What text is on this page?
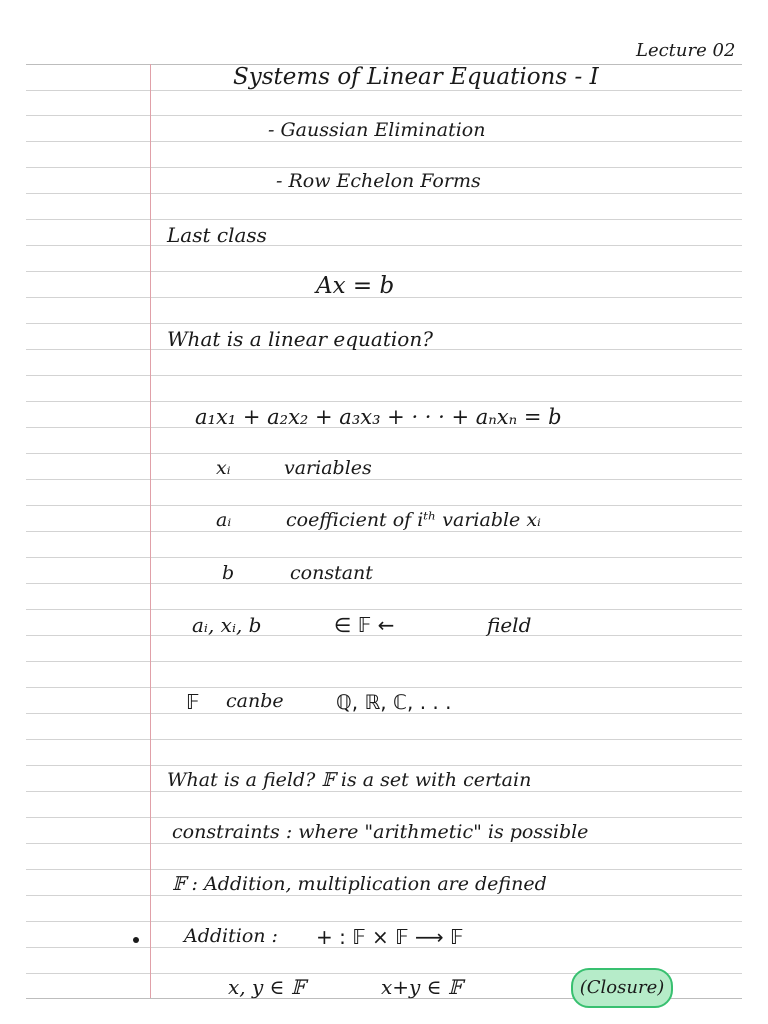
Lecture 02
Systems of Linear Equations - I
- Gaussian Elimination
- Row Echelon Forms
Last class
Ax = b
What is a linear equation?
a₁x₁ + a₂x₂ + a₃x₃ + · · · + aₙxₙ = b
xᵢ	variables
aᵢ	coefficient of iᵗʰ variable xᵢ
b	constant
aᵢ, xᵢ, b	∈ 𝔽 ←	field
𝔽 canbe	ℚ, ℝ, ℂ, . . .
What is a field? 𝔽 is a set with certain
constraints : where "arithmetic" is possible
𝔽 : Addition, multiplication are defined
Addition : + : 𝔽 × 𝔽 ⟶ 𝔽
x, y ∈ 𝔽	x+y ∈ 𝔽	(Closure)
